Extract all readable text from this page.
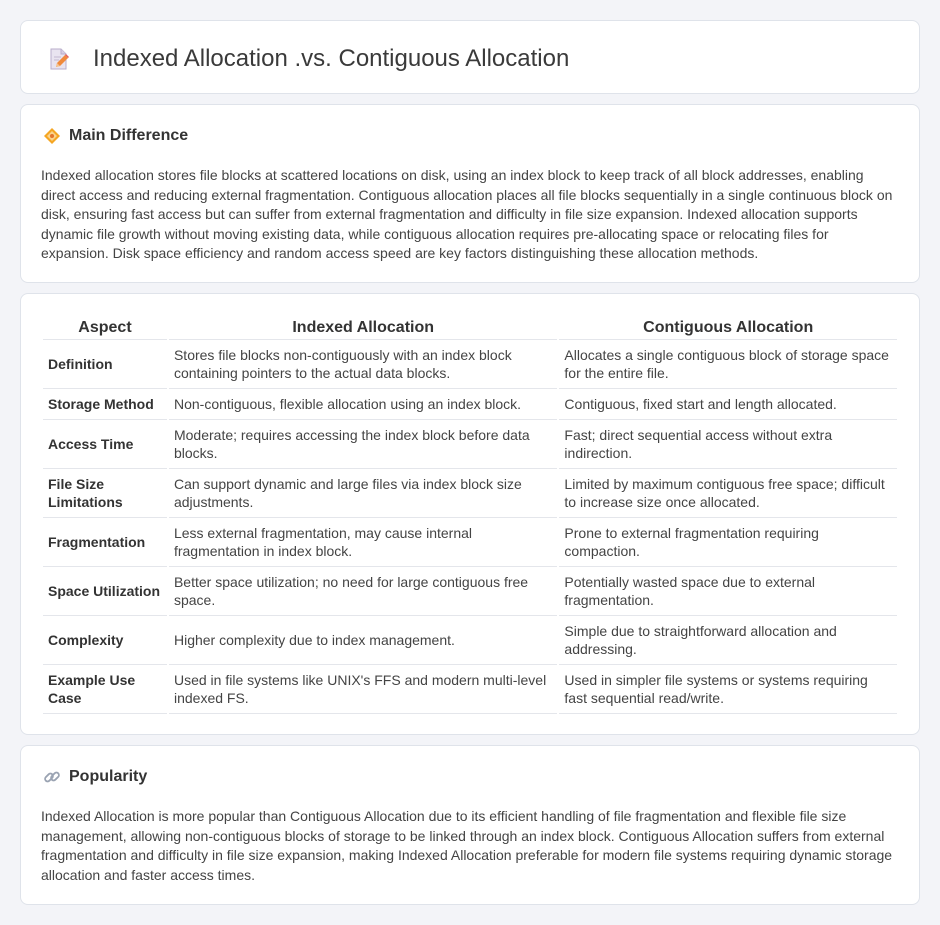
Indexed Allocation .vs. Contiguous Allocation
Main Difference

Indexed allocation stores file blocks at scattered locations on disk, using an index block to keep track of all block addresses, enabling direct access and reducing external fragmentation. Contiguous allocation places all file blocks sequentially in a single continuous block on disk, ensuring fast access but can suffer from external fragmentation and difficulty in file size expansion. Indexed allocation supports dynamic file growth without moving existing data, while contiguous allocation requires pre-allocating space or relocating files for expansion. Disk space efficiency and random access speed are key factors distinguishing these allocation methods.

Aspect	Indexed Allocation	Contiguous Allocation
Definition	Stores file blocks non-contiguously with an index block containing pointers to the actual data blocks.	Allocates a single contiguous block of storage space for the entire file.
Storage Method	Non-contiguous, flexible allocation using an index block.	Contiguous, fixed start and length allocated.
Access Time	Moderate; requires accessing the index block before data blocks.	Fast; direct sequential access without extra indirection.
File Size Limitations	Can support dynamic and large files via index block size adjustments.	Limited by maximum contiguous free space; difficult to increase size once allocated.
Fragmentation	Less external fragmentation, may cause internal fragmentation in index block.	Prone to external fragmentation requiring compaction.
Space Utilization	Better space utilization; no need for large contiguous free space.	Potentially wasted space due to external fragmentation.
Complexity	Higher complexity due to index management.	Simple due to straightforward allocation and addressing.
Example Use Case	Used in file systems like UNIX's FFS and modern multi-level indexed FS.	Used in simpler file systems or systems requiring fast sequential read/write.
Popularity

Indexed Allocation is more popular than Contiguous Allocation due to its efficient handling of file fragmentation and flexible file size management, allowing non-contiguous blocks of storage to be linked through an index block. Contiguous Allocation suffers from external fragmentation and difficulty in file size expansion, making Indexed Allocation preferable for modern file systems requiring dynamic storage allocation and faster access times.
